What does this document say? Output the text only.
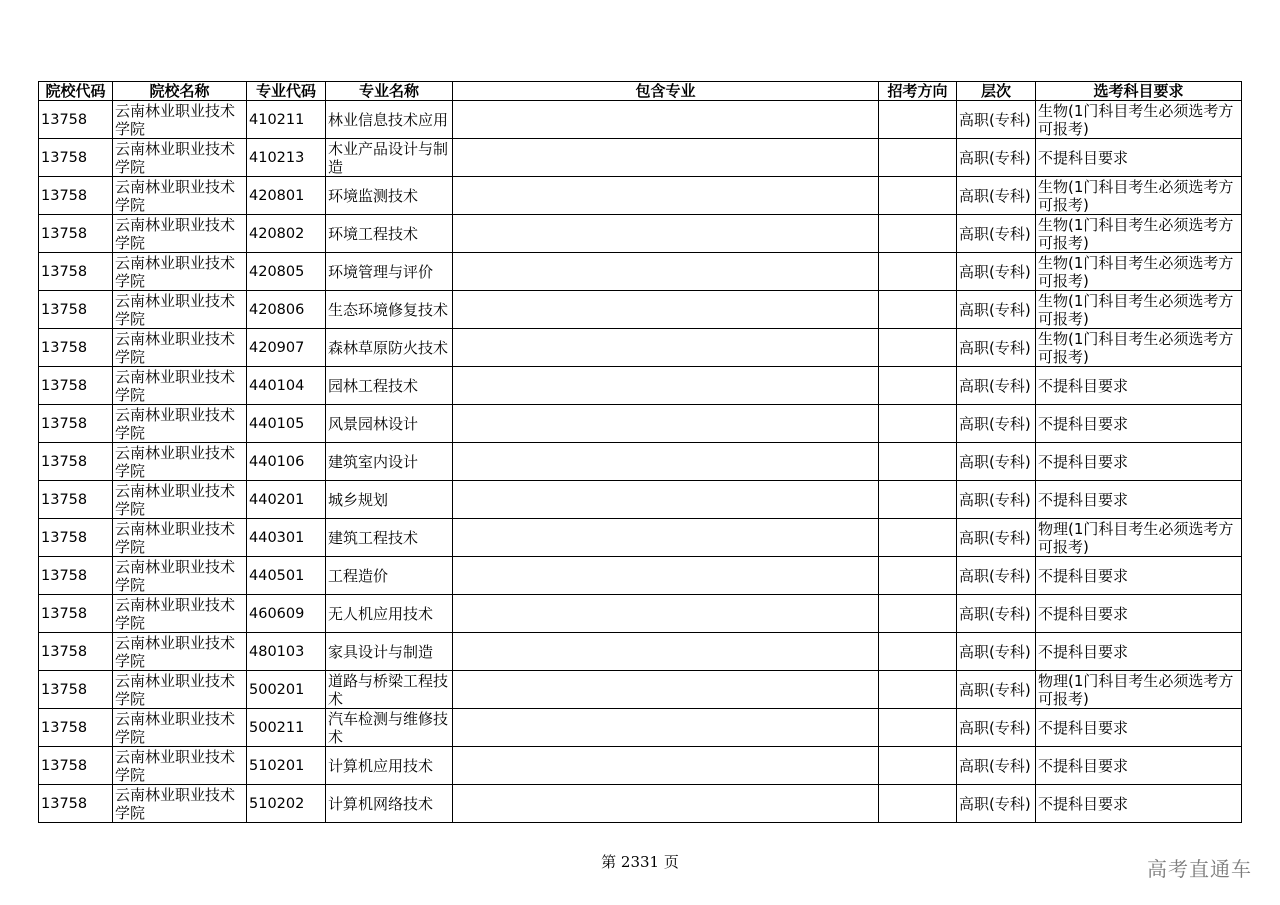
院校代码	院校名称	专业代码	专业名称	包含专业	招考方向	层次	选考科目要求

13758	云南林业职业技术学院	410211	林业信息技术应用			高职(专科)	生物(1门科目考生必须选考方可报考)

13758	云南林业职业技术学院	410213	木业产品设计与制造			高职(专科)	不提科目要求

13758	云南林业职业技术学院	420801	环境监测技术			高职(专科)	生物(1门科目考生必须选考方可报考)

13758	云南林业职业技术学院	420802	环境工程技术			高职(专科)	生物(1门科目考生必须选考方可报考)

13758	云南林业职业技术学院	420805	环境管理与评价			高职(专科)	生物(1门科目考生必须选考方可报考)

13758	云南林业职业技术学院	420806	生态环境修复技术			高职(专科)	生物(1门科目考生必须选考方可报考)

13758	云南林业职业技术学院	420907	森林草原防火技术			高职(专科)	生物(1门科目考生必须选考方可报考)

13758	云南林业职业技术学院	440104	园林工程技术			高职(专科)	不提科目要求

13758	云南林业职业技术学院	440105	风景园林设计			高职(专科)	不提科目要求

13758	云南林业职业技术学院	440106	建筑室内设计			高职(专科)	不提科目要求

13758	云南林业职业技术学院	440201	城乡规划			高职(专科)	不提科目要求

13758	云南林业职业技术学院	440301	建筑工程技术			高职(专科)	物理(1门科目考生必须选考方可报考)

13758	云南林业职业技术学院	440501	工程造价			高职(专科)	不提科目要求

13758	云南林业职业技术学院	460609	无人机应用技术			高职(专科)	不提科目要求

13758	云南林业职业技术学院	480103	家具设计与制造			高职(专科)	不提科目要求

13758	云南林业职业技术学院	500201	道路与桥梁工程技术			高职(专科)	物理(1门科目考生必须选考方可报考)

13758	云南林业职业技术学院	500211	汽车检测与维修技术			高职(专科)	不提科目要求

13758	云南林业职业技术学院	510201	计算机应用技术			高职(专科)	不提科目要求

13758	云南林业职业技术学院	510202	计算机网络技术			高职(专科)	不提科目要求
第 2331 页	高考直通车
